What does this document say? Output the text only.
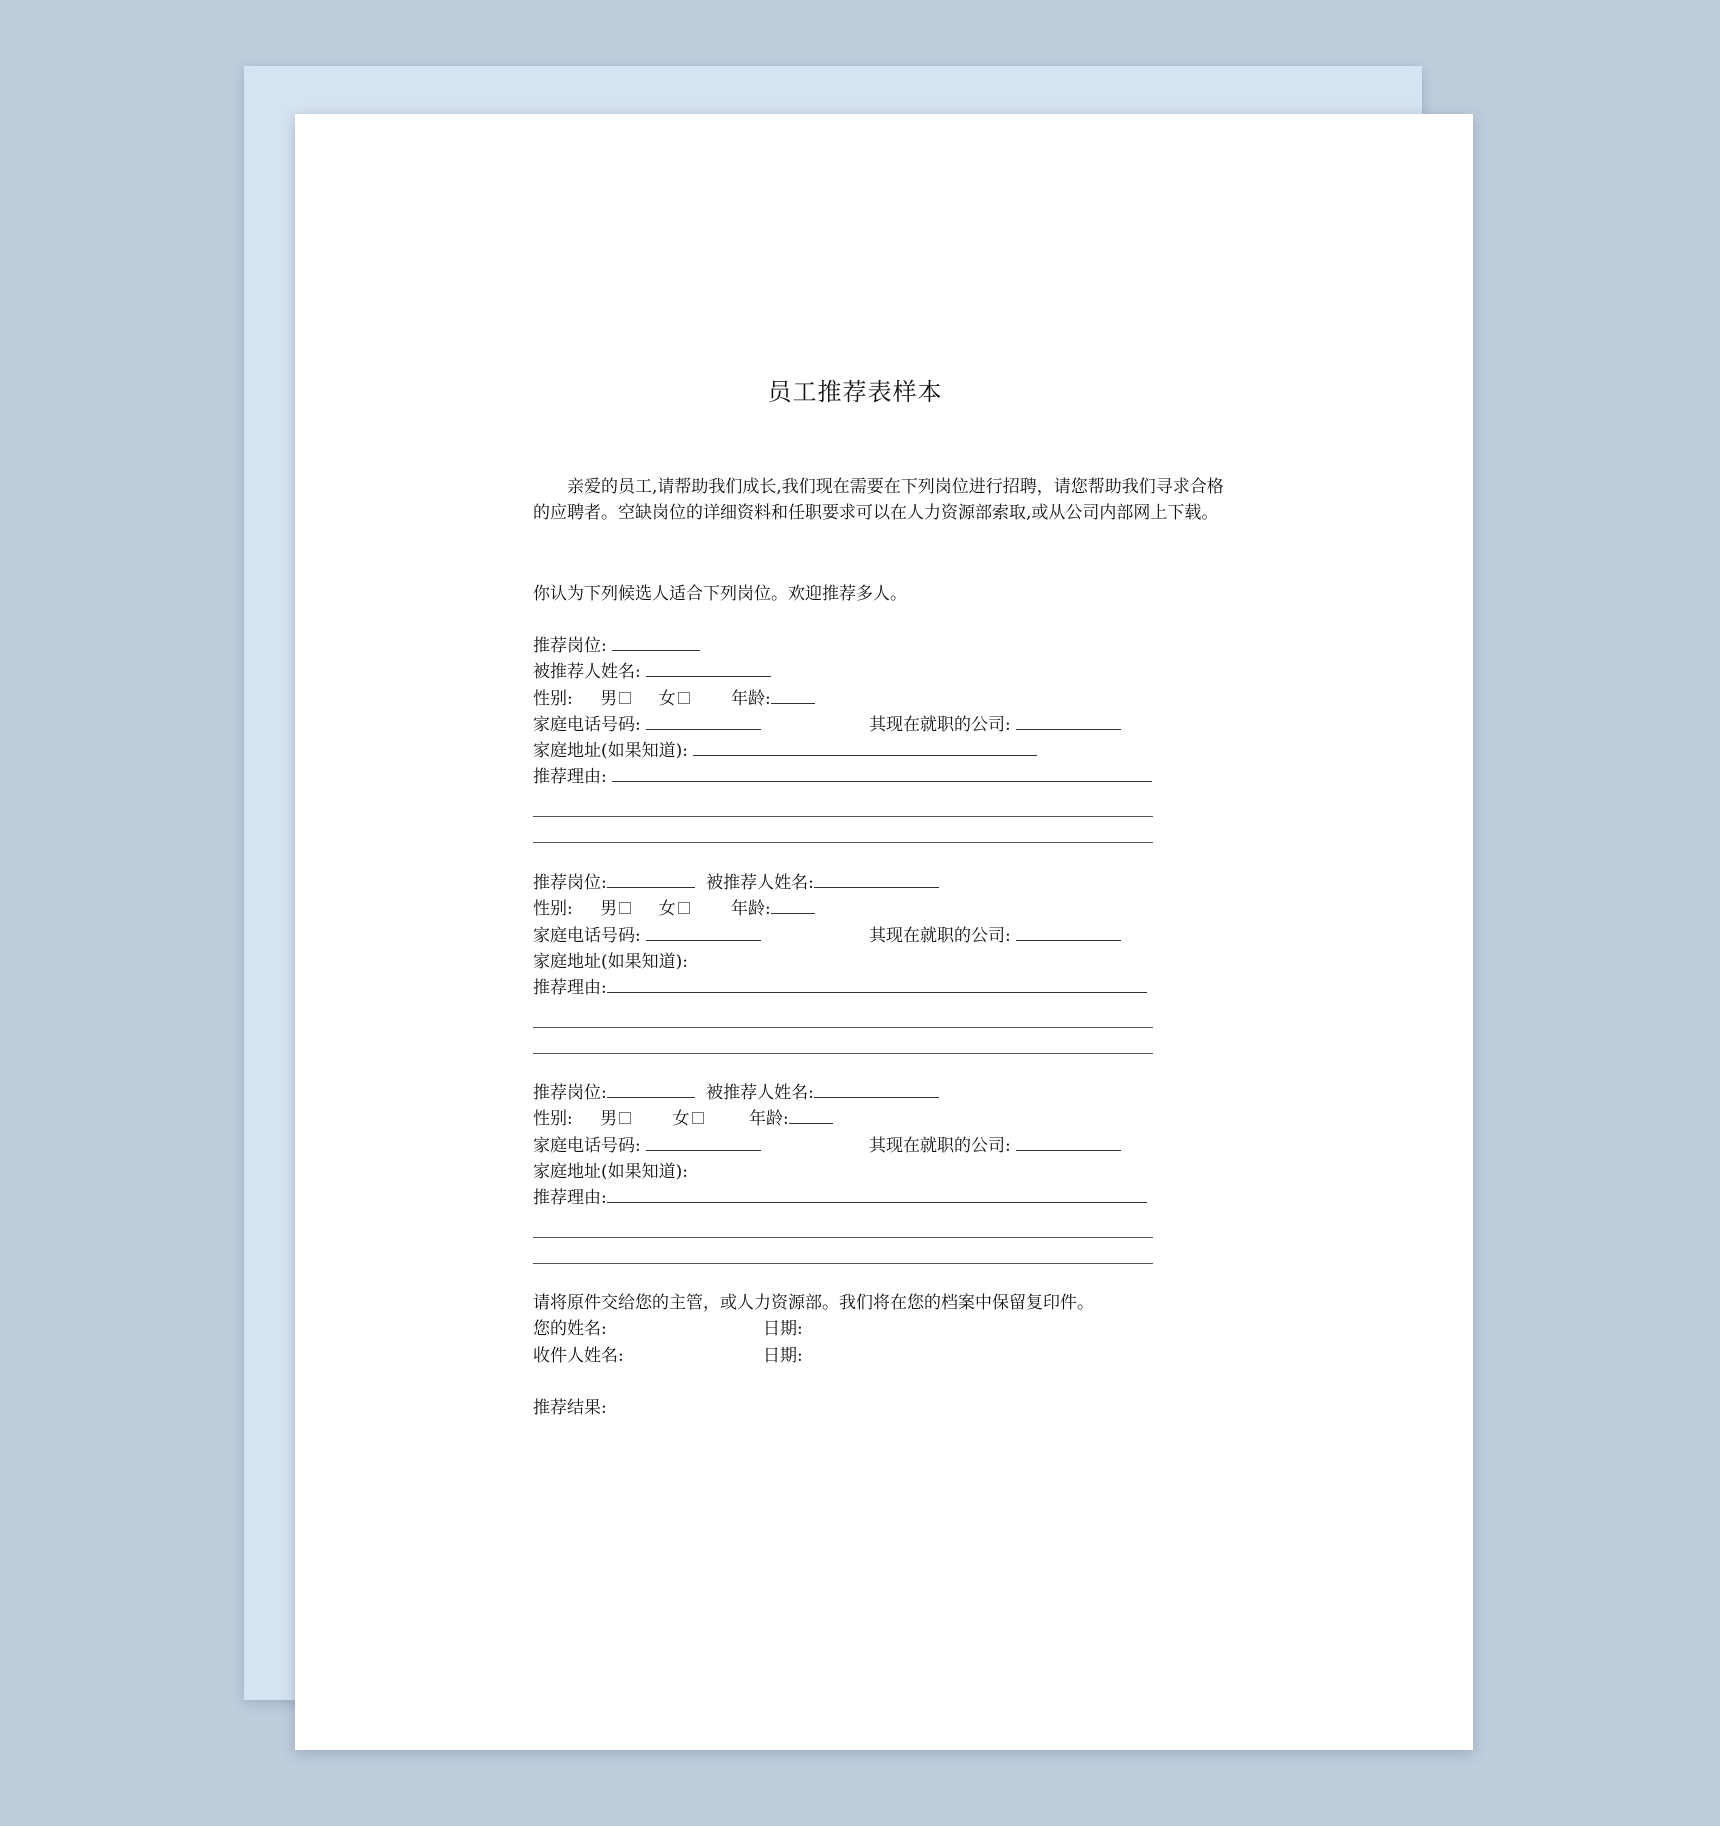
员工推荐表样本
亲爱的员工,请帮助我们成长,我们现在需要在下列岗位进行招聘，请您帮助我们寻求合格的应聘者。空缺岗位的详细资料和任职要求可以在人力资源部索取,或从公司内部网上下载。
你认为下列候选人适合下列岗位。欢迎推荐多人。
推荐岗位:
被推荐人姓名:
性别: 男 女	年龄:
家庭电话号码:	其现在就职的公司:
家庭地址(如果知道):
推荐理由:
推荐岗位:	被推荐人姓名:
性别: 男 女	年龄:
家庭电话号码:	其现在就职的公司:
家庭地址(如果知道):
推荐理由:
推荐岗位:	被推荐人姓名:
性别: 男	女	年龄:
家庭电话号码:	其现在就职的公司:
家庭地址(如果知道):
推荐理由:
请将原件交给您的主管，或人力资源部。我们将在您的档案中保留复印件。
您的姓名:	日期:
收件人姓名:	日期:
推荐结果:
